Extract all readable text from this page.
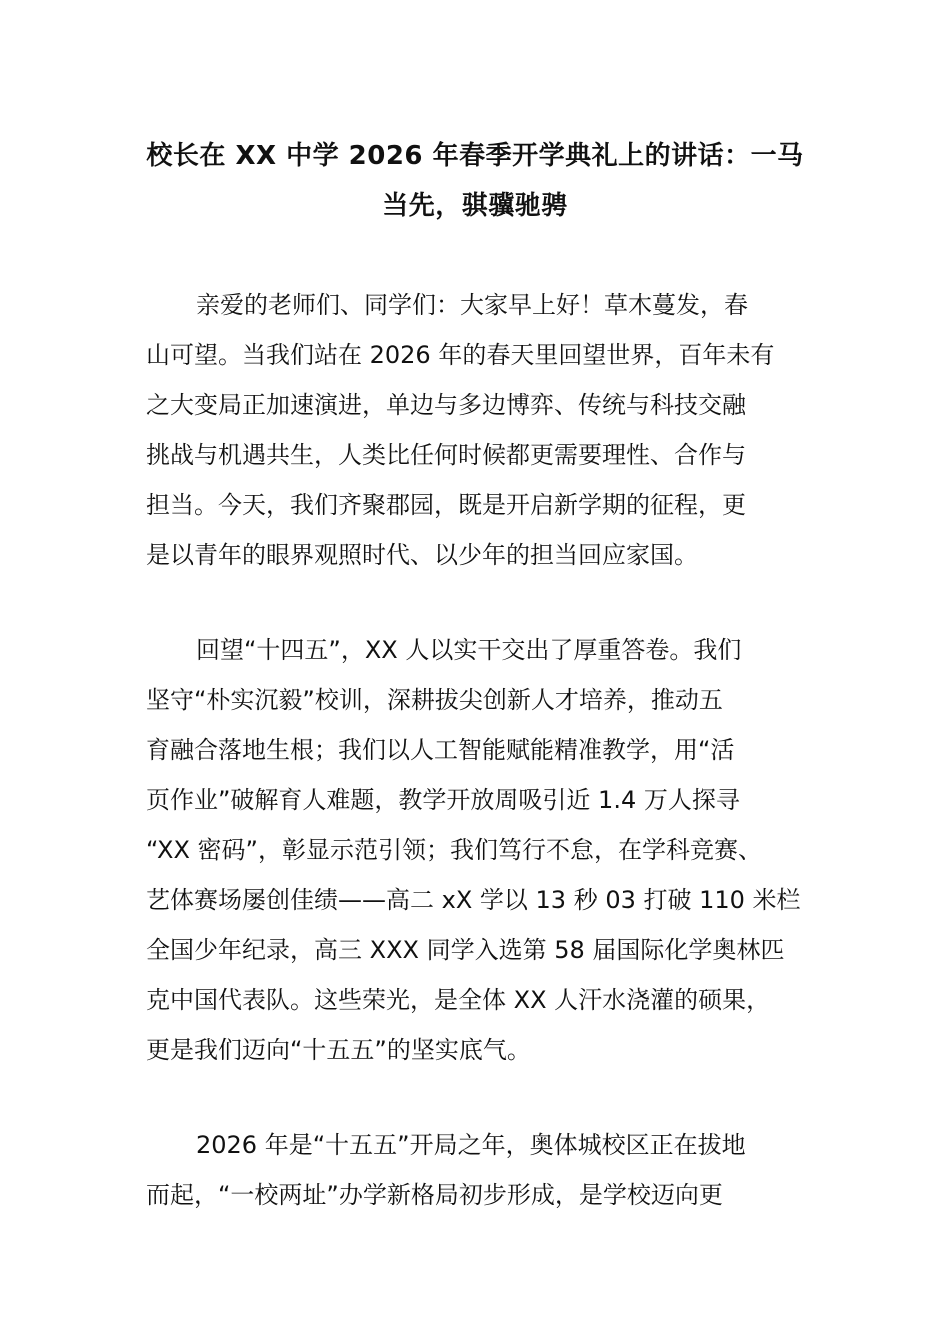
校长在 XX 中学 2026 年春季开学典礼上的讲话：一马
当先，骐骥驰骋
亲爱的老师们、同学们：大家早上好！草木蔓发，春
山可望。当我们站在 2026 年的春天里回望世界，百年未有
之大变局正加速演进，单边与多边博弈、传统与科技交融
挑战与机遇共生，人类比任何时候都更需要理性、合作与
担当。今天，我们齐聚郡园，既是开启新学期的征程，更
是以青年的眼界观照时代、以少年的担当回应家国。
回望“十四五”，XX 人以实干交出了厚重答卷。我们
坚守“朴实沉毅”校训，深耕拔尖创新人才培养，推动五
育融合落地生根；我们以人工智能赋能精准教学，用“活
页作业”破解育人难题，教学开放周吸引近 1.4 万人探寻
“XX 密码”，彰显示范引领；我们笃行不怠，在学科竞赛、
艺体赛场屡创佳绩——高二 xX 学以 13 秒 03 打破 110 米栏
全国少年纪录，高三 XXX 同学入选第 58 届国际化学奥林匹
克中国代表队。这些荣光，是全体 XX 人汗水浇灌的硕果，
更是我们迈向“十五五”的坚实底气。
2026 年是“十五五”开局之年，奥体城校区正在拔地
而起，“一校两址”办学新格局初步形成，是学校迈向更
